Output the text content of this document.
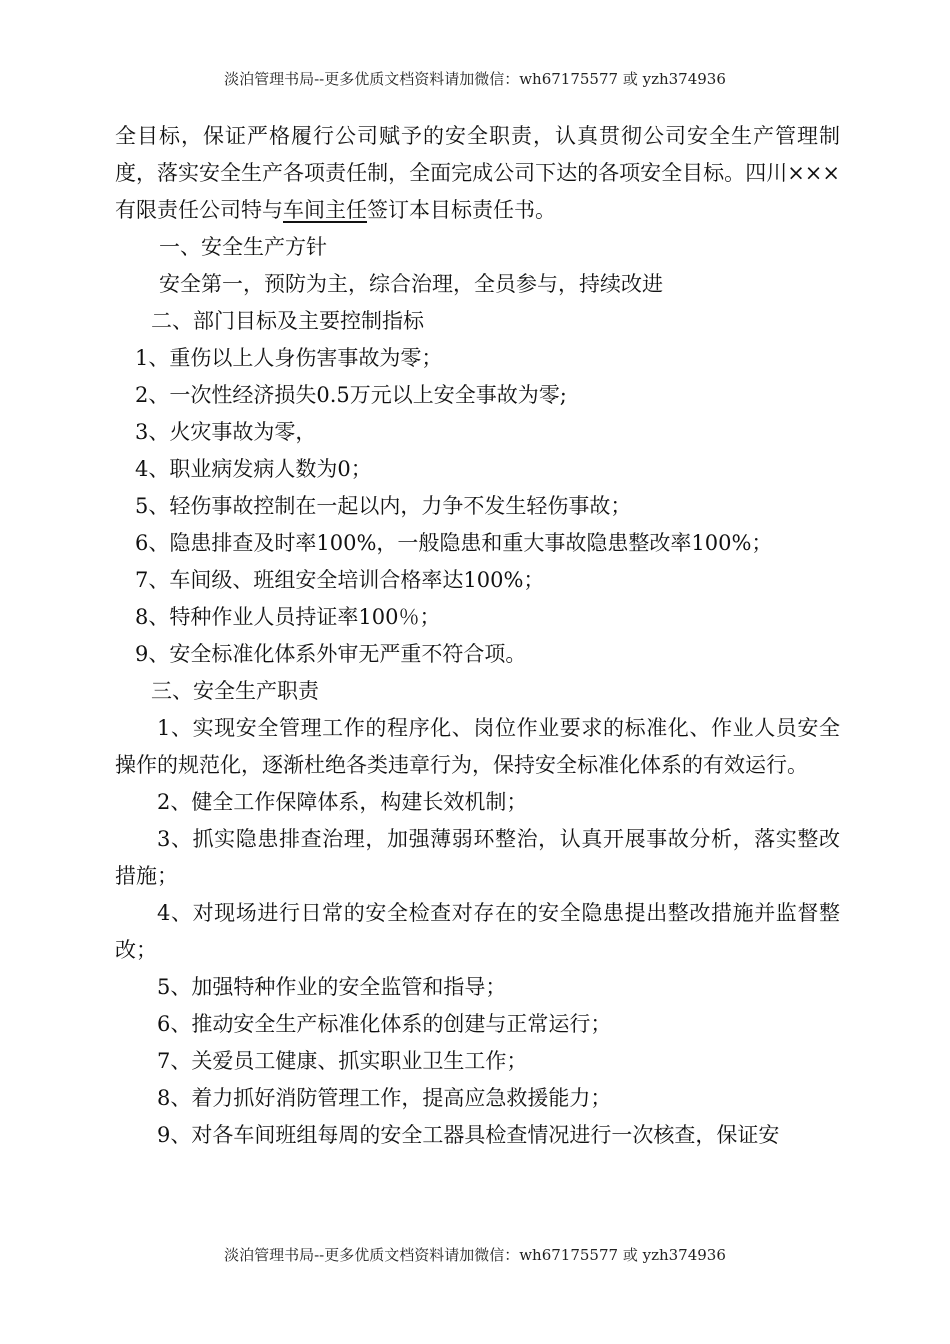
淡泊管理书局--更多优质文档资料请加微信：wh67175577 或 yzh374936

全目标，保证严格履行公司赋予的安全职责，认真贯彻公司安全生产管理制度，落实安全生产各项责任制，全面完成公司下达的各项安全目标。四川×××有限责任公司特与车间主任签订本目标责任书。

一、安全生产方针

安全第一，预防为主，综合治理，全员参与，持续改进

二、部门目标及主要控制指标

1、重伤以上人身伤害事故为零；

2、一次性经济损失0.5万元以上安全事故为零;

3、火灾事故为零，

4、职业病发病人数为0；

5、轻伤事故控制在一起以内，力争不发生轻伤事故；

6、隐患排查及时率100%，一般隐患和重大事故隐患整改率100%；

7、车间级、班组安全培训合格率达100%；

8、特种作业人员持证率100％；

9、安全标准化体系外审无严重不符合项。

三、安全生产职责

1、实现安全管理工作的程序化、岗位作业要求的标准化、作业人员安全操作的规范化，逐渐杜绝各类违章行为，保持安全标准化体系的有效运行。

2、健全工作保障体系，构建长效机制；

3、抓实隐患排查治理，加强薄弱环整治，认真开展事故分析，落实整改措施；

4、对现场进行日常的安全检查对存在的安全隐患提出整改措施并监督整改；

5、加强特种作业的安全监管和指导；

6、推动安全生产标准化体系的创建与正常运行；

7、关爱员工健康、抓实职业卫生工作；

8、着力抓好消防管理工作，提高应急救援能力；

9、对各车间班组每周的安全工器具检查情况进行一次核查，保证安

淡泊管理书局--更多优质文档资料请加微信：wh67175577 或 yzh374936
